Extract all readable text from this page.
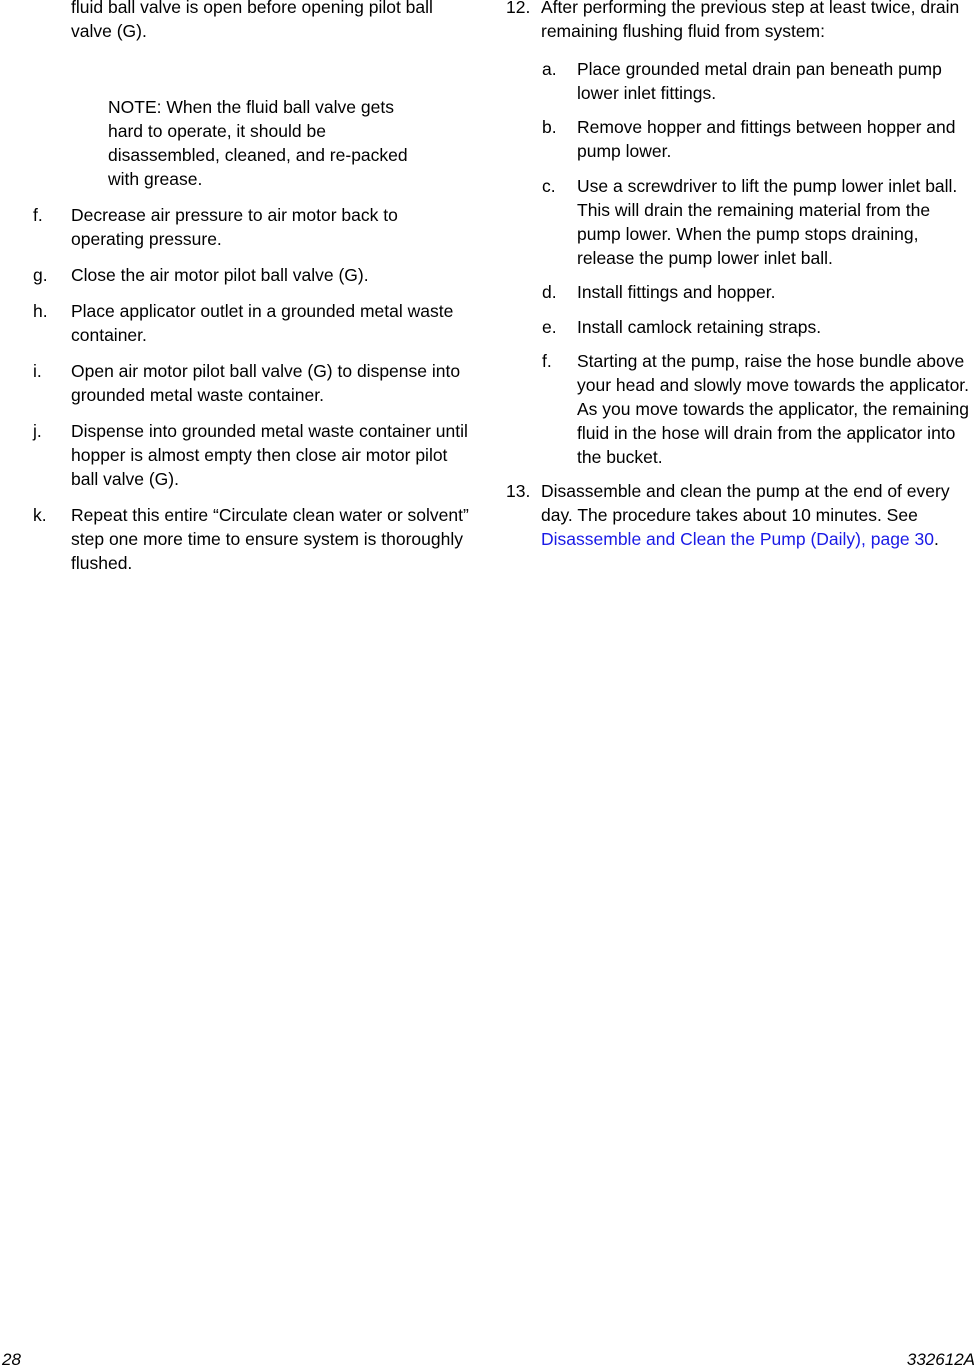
fluid ball valve is open before opening pilot ball valve (G).
NOTE: When the fluid ball valve gets hard to operate, it should be disassembled, cleaned, and re-packed with grease.
f. Decrease air pressure to air motor back to operating pressure.
g. Close the air motor pilot ball valve (G).
h. Place applicator outlet in a grounded metal waste container.
i. Open air motor pilot ball valve (G) to dispense into grounded metal waste container.
j. Dispense into grounded metal waste container until hopper is almost empty then close air motor pilot ball valve (G).
k. Repeat this entire “Circulate clean water or solvent” step one more time to ensure system is thoroughly flushed.
12. After performing the previous step at least twice, drain remaining flushing fluid from system:
a. Place grounded metal drain pan beneath pump lower inlet fittings.
b. Remove hopper and fittings between hopper and pump lower.
c. Use a screwdriver to lift the pump lower inlet ball. This will drain the remaining material from the pump lower. When the pump stops draining, release the pump lower inlet ball.
d. Install fittings and hopper.
e. Install camlock retaining straps.
f. Starting at the pump, raise the hose bundle above your head and slowly move towards the applicator. As you move towards the applicator, the remaining fluid in the hose will drain from the applicator into the bucket.
13. Disassemble and clean the pump at the end of every day. The procedure takes about 10 minutes. See Disassemble and Clean the Pump (Daily), page 30.
28	332612A
